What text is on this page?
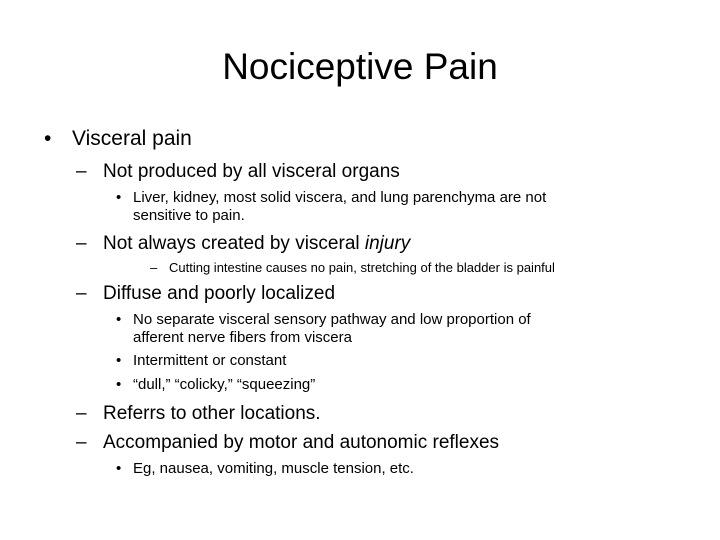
Nociceptive Pain
• Visceral pain
– Not produced by all visceral organs
• Liver, kidney, most solid viscera, and lung parenchyma are not
sensitive to pain.
– Not always created by visceral injury
– Cutting intestine causes no pain, stretching of the bladder is painful
– Diffuse and poorly localized
• No separate visceral sensory pathway and low proportion of
afferent nerve fibers from viscera
• Intermittent or constant
• “dull,” “colicky,” “squeezing”
– Referrs to other locations.
– Accompanied by motor and autonomic reflexes
• Eg, nausea, vomiting, muscle tension, etc.
